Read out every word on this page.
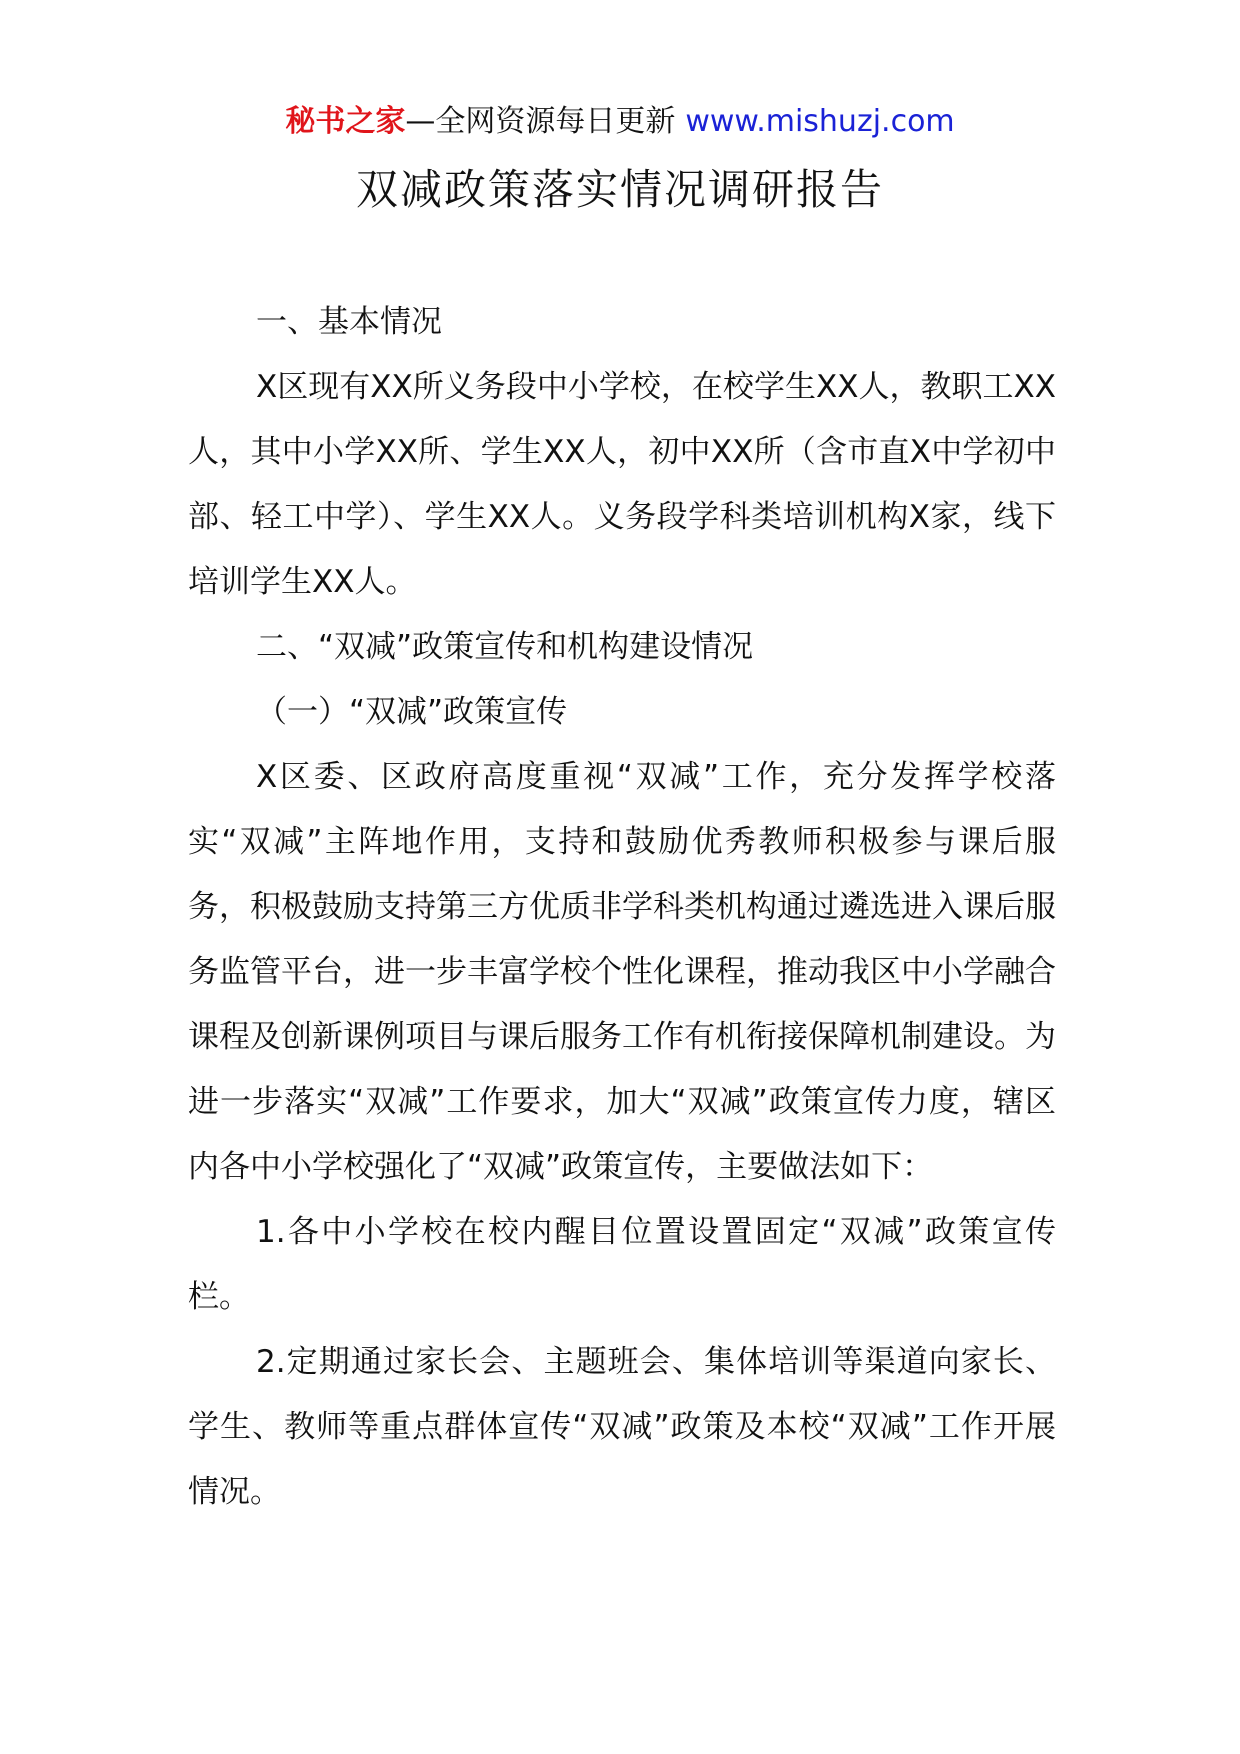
秘书之家—全网资源每日更新 www.mishuzj.com
双减政策落实情况调研报告

一、基本情况

X区现有XX所义务段中小学校，在校学生XX人，教职工XX人，其中小学XX所、学生XX人，初中XX所（含市直X中学初中部、轻工中学）、学生XX人。义务段学科类培训机构X家，线下培训学生XX人。

二、“双减”政策宣传和机构建设情况

（一）“双减”政策宣传

X区委、区政府高度重视“双减”工作，充分发挥学校落实“双减”主阵地作用，支持和鼓励优秀教师积极参与课后服务，积极鼓励支持第三方优质非学科类机构通过遴选进入课后服务监管平台，进一步丰富学校个性化课程，推动我区中小学融合课程及创新课例项目与课后服务工作有机衔接保障机制建设。为进一步落实“双减”工作要求，加大“双减”政策宣传力度，辖区内各中小学校强化了“双减”政策宣传，主要做法如下：

1.各中小学校在校内醒目位置设置固定“双减”政策宣传栏。

2.定期通过家长会、主题班会、集体培训等渠道向家长、学生、教师等重点群体宣传“双减”政策及本校“双减”工作开展情况。
